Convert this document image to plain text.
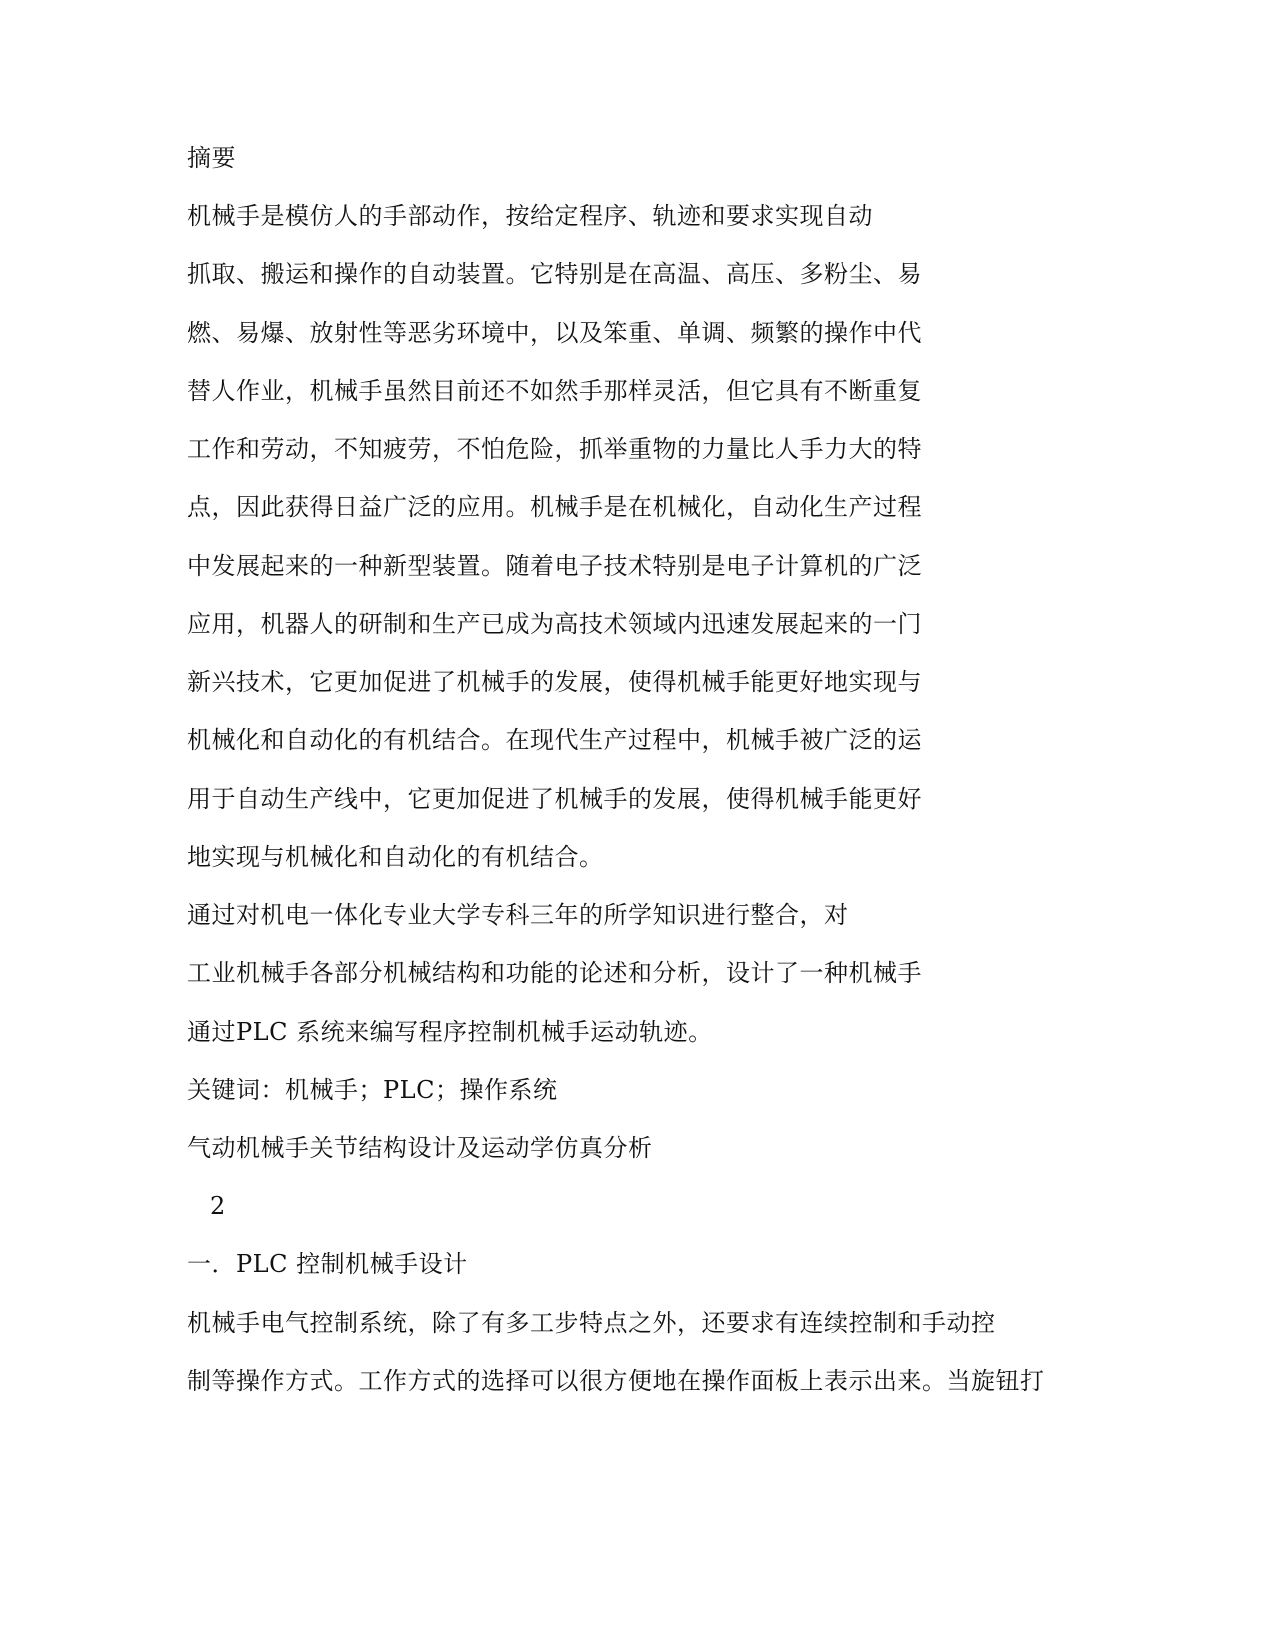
摘要
机械手是模仿人的手部动作，按给定程序、轨迹和要求实现自动
抓取、搬运和操作的自动装置。它特别是在高温、高压、多粉尘、易
燃、易爆、放射性等恶劣环境中，以及笨重、单调、频繁的操作中代
替人作业，机械手虽然目前还不如然手那样灵活，但它具有不断重复
工作和劳动，不知疲劳，不怕危险，抓举重物的力量比人手力大的特
点，因此获得日益广泛的应用。机械手是在机械化，自动化生产过程
中发展起来的一种新型装置。随着电子技术特别是电子计算机的广泛
应用，机器人的研制和生产已成为高技术领域内迅速发展起来的一门
新兴技术，它更加促进了机械手的发展，使得机械手能更好地实现与
机械化和自动化的有机结合。在现代生产过程中，机械手被广泛的运
用于自动生产线中，它更加促进了机械手的发展，使得机械手能更好
地实现与机械化和自动化的有机结合。
通过对机电一体化专业大学专科三年的所学知识进行整合，对
工业机械手各部分机械结构和功能的论述和分析，设计了一种机械手
通过PLC 系统来编写程序控制机械手运动轨迹。
关键词：机械手；PLC；操作系统
气动机械手关节结构设计及运动学仿真分析
2
一．PLC 控制机械手设计
机械手电气控制系统，除了有多工步特点之外，还要求有连续控制和手动控
制等操作方式。工作方式的选择可以很方便地在操作面板上表示出来。当旋钮打
